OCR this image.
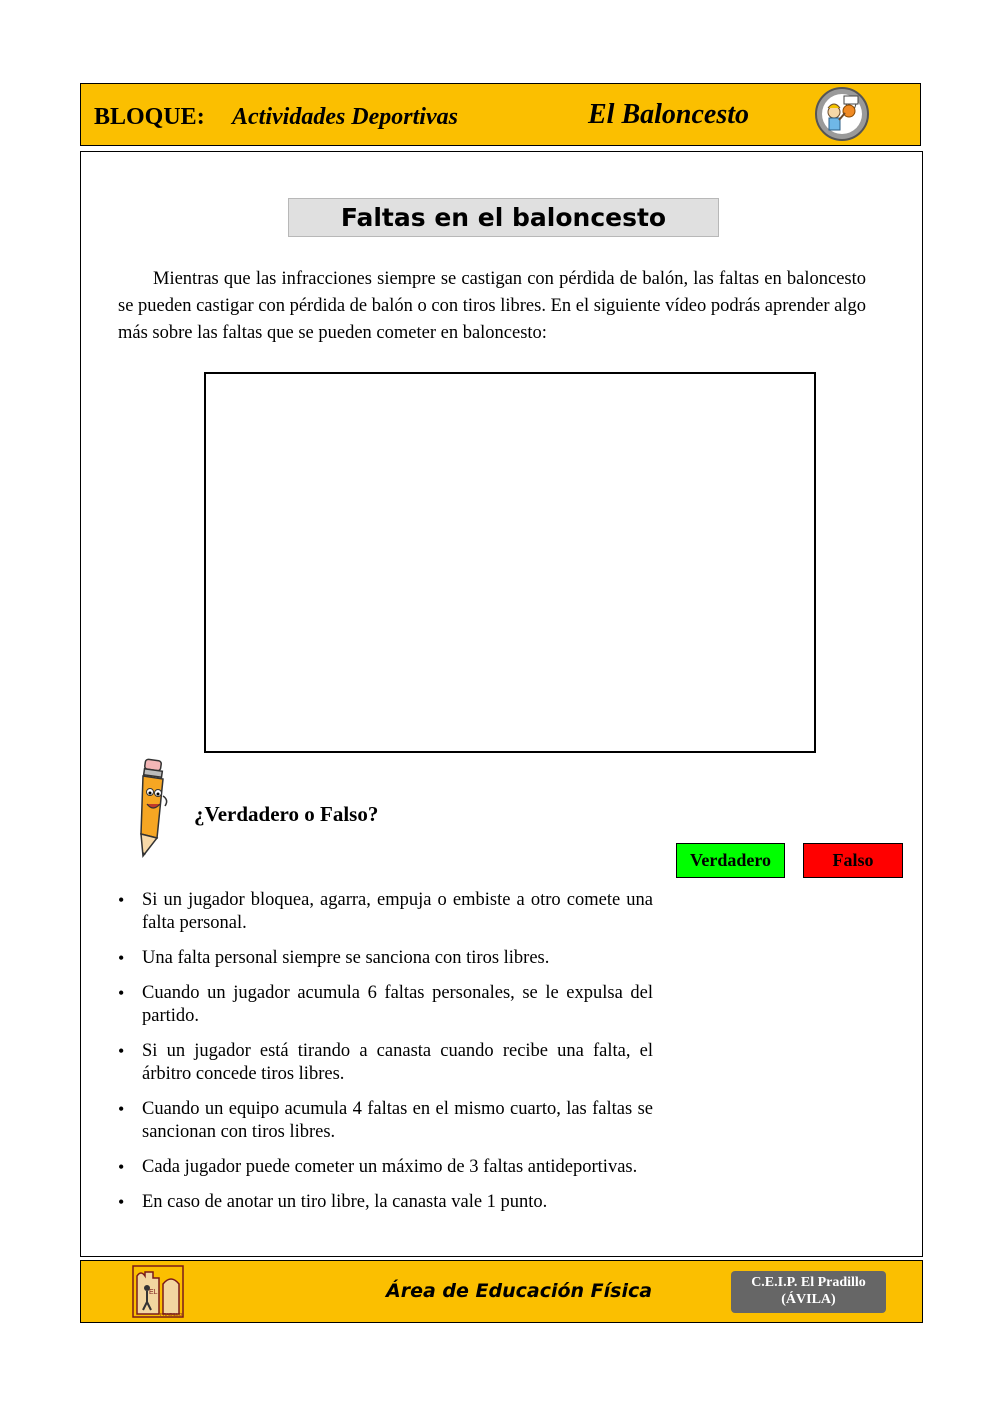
BLOQUE: Actividades Deportivas	El Baloncesto
Faltas en el baloncesto

Mientras que las infracciones siempre se castigan con pérdida de balón, las faltas en baloncesto se pueden castigar con pérdida de balón o con tiros libres. En el siguiente vídeo podrás aprender algo más sobre las faltas que se pueden cometer en baloncesto:

¿Verdadero o Falso?
Verdadero	Falso
• Si un jugador bloquea, agarra, empuja o embiste a otro comete una falta personal.
• Una falta personal siempre se sanciona con tiros libres.
• Cuando un jugador acumula 6 faltas personales, se le expulsa del partido.
• Si un jugador está tirando a canasta cuando recibe una falta, el árbitro concede tiros libres.
• Cuando un equipo acumula 4 faltas en el mismo cuarto, las faltas se sancionan con tiros libres.
• Cada jugador puede cometer un máximo de 3 faltas antideportivas.
• En caso de anotar un tiro libre, la canasta vale 1 punto.
EL
PRADILLO
Área de Educación Física	C.E.I.P. El Pradillo
(ÁVILA)
